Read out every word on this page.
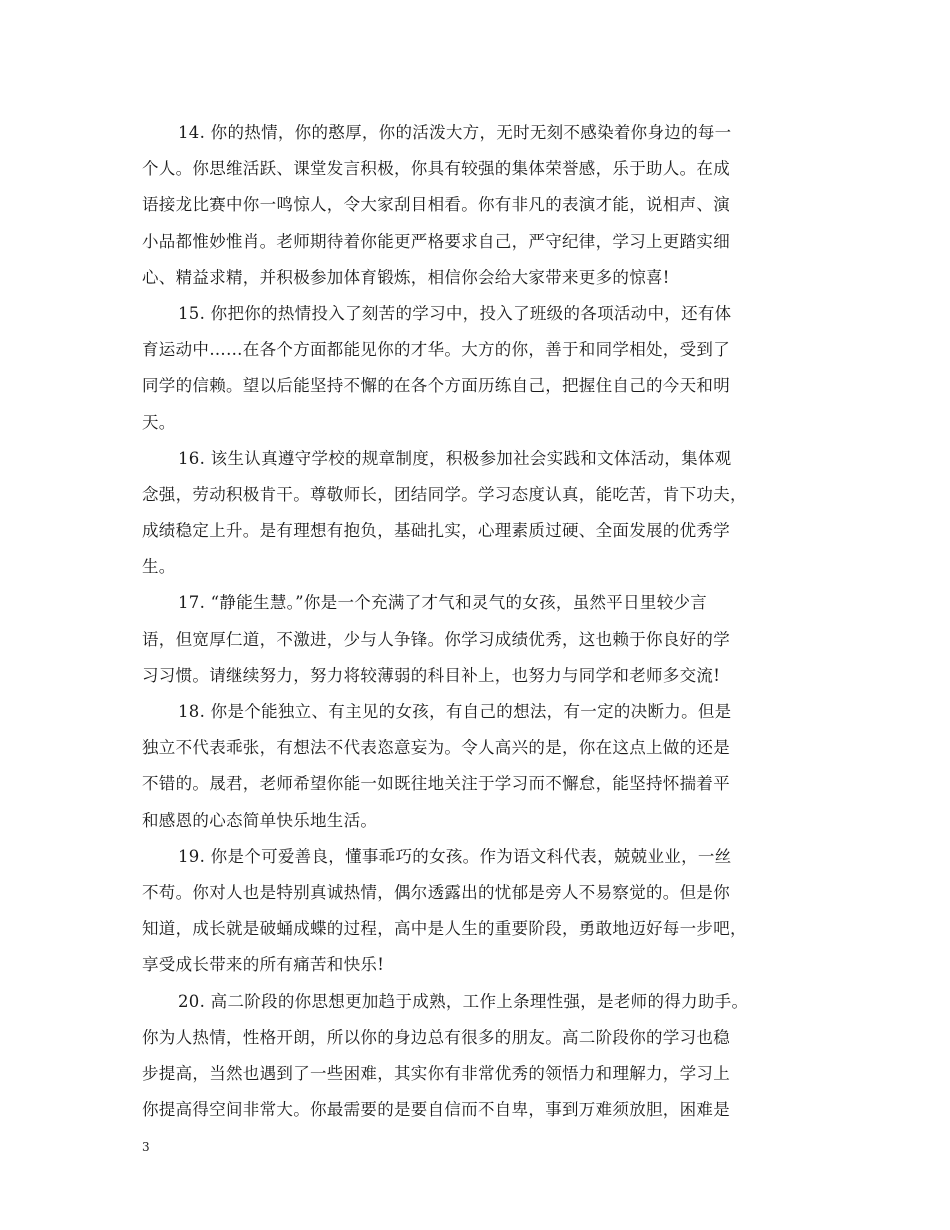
14. 你的热情，你的憨厚，你的活泼大方，无时无刻不感染着你身边的每一
个人。你思维活跃、课堂发言积极，你具有较强的集体荣誉感，乐于助人。在成
语接龙比赛中你一鸣惊人，令大家刮目相看。你有非凡的表演才能，说相声、演
小品都惟妙惟肖。老师期待着你能更严格要求自己，严守纪律，学习上更踏实细
心、精益求精，并积极参加体育锻炼，相信你会给大家带来更多的惊喜!
15. 你把你的热情投入了刻苦的学习中，投入了班级的各项活动中，还有体
育运动中……在各个方面都能见你的才华。大方的你，善于和同学相处，受到了
同学的信赖。望以后能坚持不懈的在各个方面历练自己，把握住自己的今天和明
天。
16. 该生认真遵守学校的规章制度，积极参加社会实践和文体活动，集体观
念强，劳动积极肯干。尊敬师长，团结同学。学习态度认真，能吃苦，肯下功夫，
成绩稳定上升。是有理想有抱负，基础扎实，心理素质过硬、全面发展的优秀学
生。
17. “静能生慧。”你是一个充满了才气和灵气的女孩，虽然平日里较少言
语，但宽厚仁道，不激进，少与人争锋。你学习成绩优秀，这也赖于你良好的学
习习惯。请继续努力，努力将较薄弱的科目补上，也努力与同学和老师多交流!
18. 你是个能独立、有主见的女孩，有自己的想法，有一定的决断力。但是
独立不代表乖张，有想法不代表恣意妄为。令人高兴的是，你在这点上做的还是
不错的。晟君，老师希望你能一如既往地关注于学习而不懈怠，能坚持怀揣着平
和感恩的心态简单快乐地生活。
19. 你是个可爱善良，懂事乖巧的女孩。作为语文科代表，兢兢业业，一丝
不苟。你对人也是特别真诚热情，偶尔透露出的忧郁是旁人不易察觉的。但是你
知道，成长就是破蛹成蝶的过程，高中是人生的重要阶段，勇敢地迈好每一步吧，
享受成长带来的所有痛苦和快乐!
20. 高二阶段的你思想更加趋于成熟，工作上条理性强，是老师的得力助手。
你为人热情，性格开朗，所以你的身边总有很多的朋友。高二阶段你的学习也稳
步提高，当然也遇到了一些困难，其实你有非常优秀的领悟力和理解力，学习上
你提高得空间非常大。你最需要的是要自信而不自卑，事到万难须放胆，困难是
3
